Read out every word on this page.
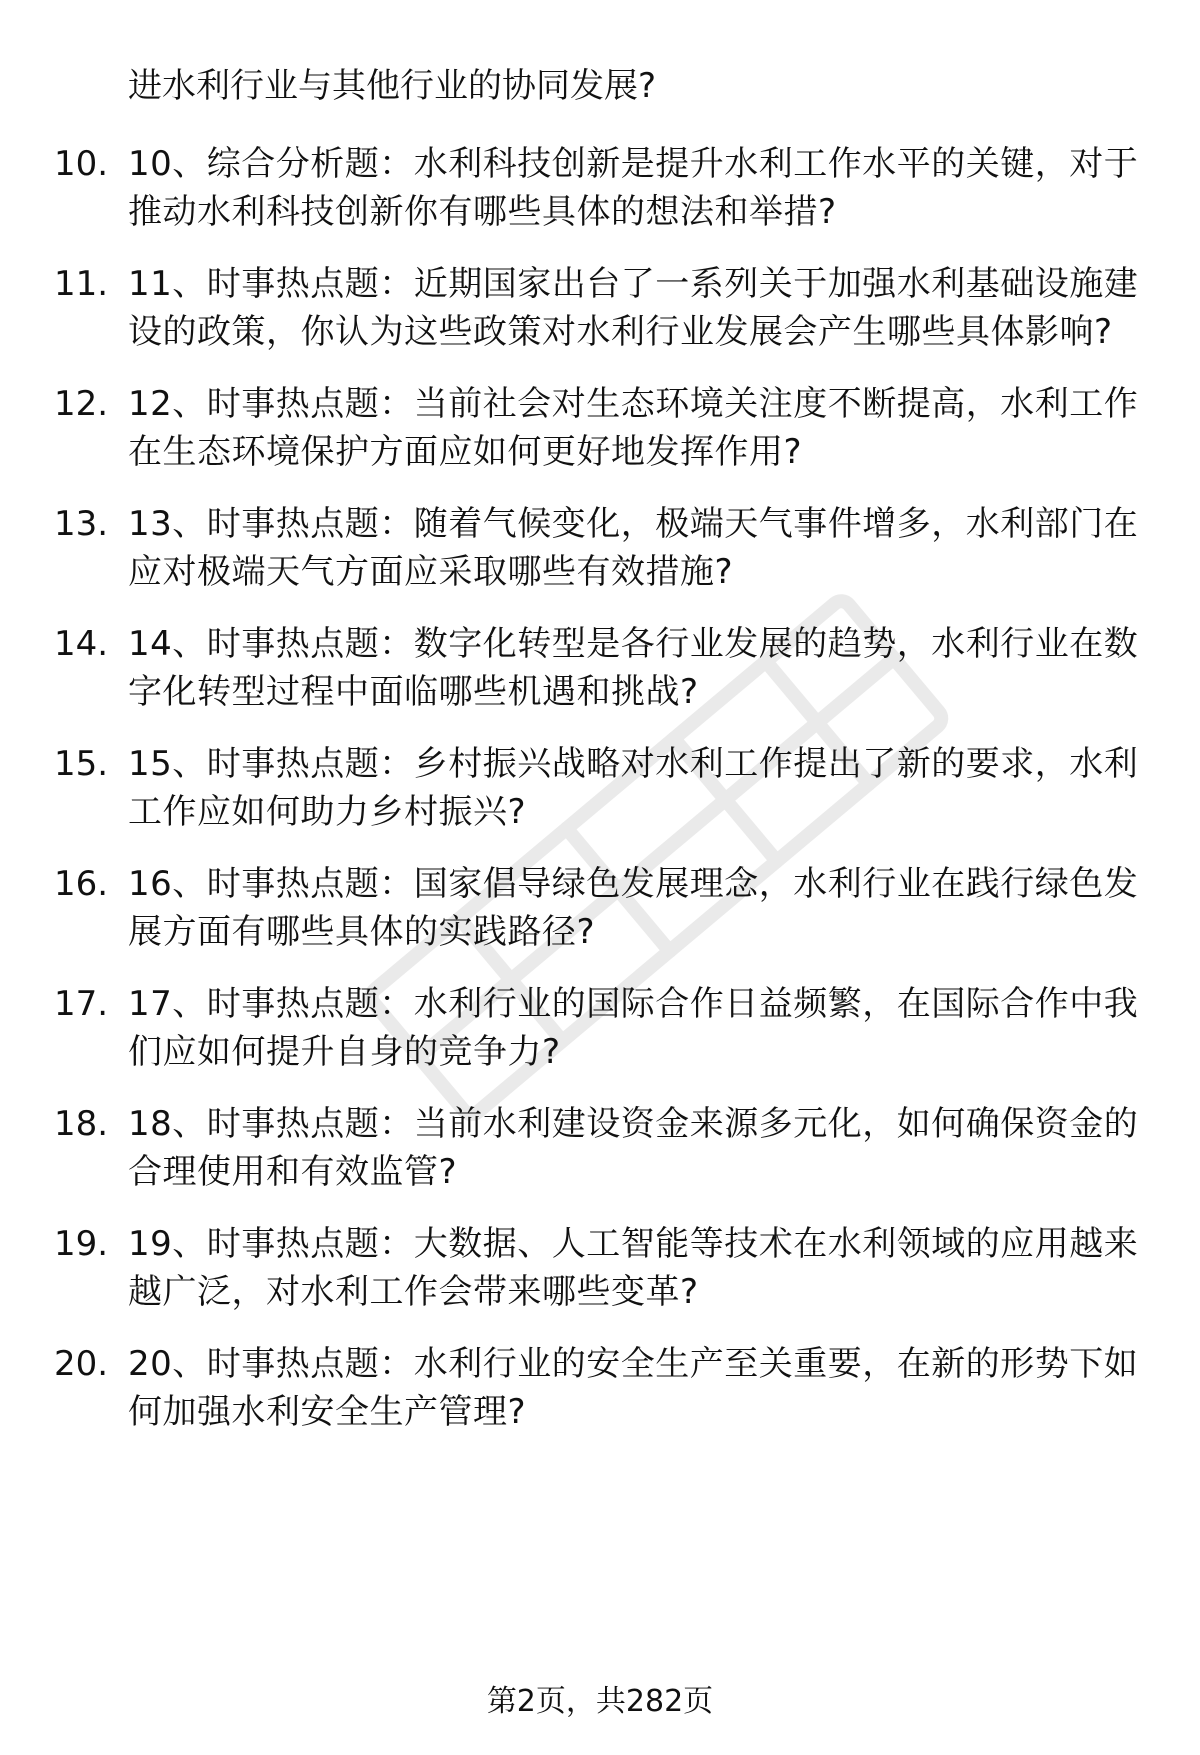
进水利行业与其他行业的协同发展?
10. 10、综合分析题：水利科技创新是提升水利工作水平的关键，对于推动水利科技创新你有哪些具体的想法和举措?
11. 11、时事热点题：近期国家出台了一系列关于加强水利基础设施建设的政策，你认为这些政策对水利行业发展会产生哪些具体影响?
12. 12、时事热点题：当前社会对生态环境关注度不断提高，水利工作在生态环境保护方面应如何更好地发挥作用?
13. 13、时事热点题：随着气候变化，极端天气事件增多，水利部门在应对极端天气方面应采取哪些有效措施?
14. 14、时事热点题：数字化转型是各行业发展的趋势，水利行业在数字化转型过程中面临哪些机遇和挑战?
15. 15、时事热点题：乡村振兴战略对水利工作提出了新的要求，水利工作应如何助力乡村振兴?
16. 16、时事热点题：国家倡导绿色发展理念，水利行业在践行绿色发展方面有哪些具体的实践路径?
17. 17、时事热点题：水利行业的国际合作日益频繁，在国际合作中我们应如何提升自身的竞争力?
18. 18、时事热点题：当前水利建设资金来源多元化，如何确保资金的合理使用和有效监管?
19. 19、时事热点题：大数据、人工智能等技术在水利领域的应用越来越广泛，对水利工作会带来哪些变革?
20. 20、时事热点题：水利行业的安全生产至关重要，在新的形势下如何加强水利安全生产管理?
第2页，共282页
